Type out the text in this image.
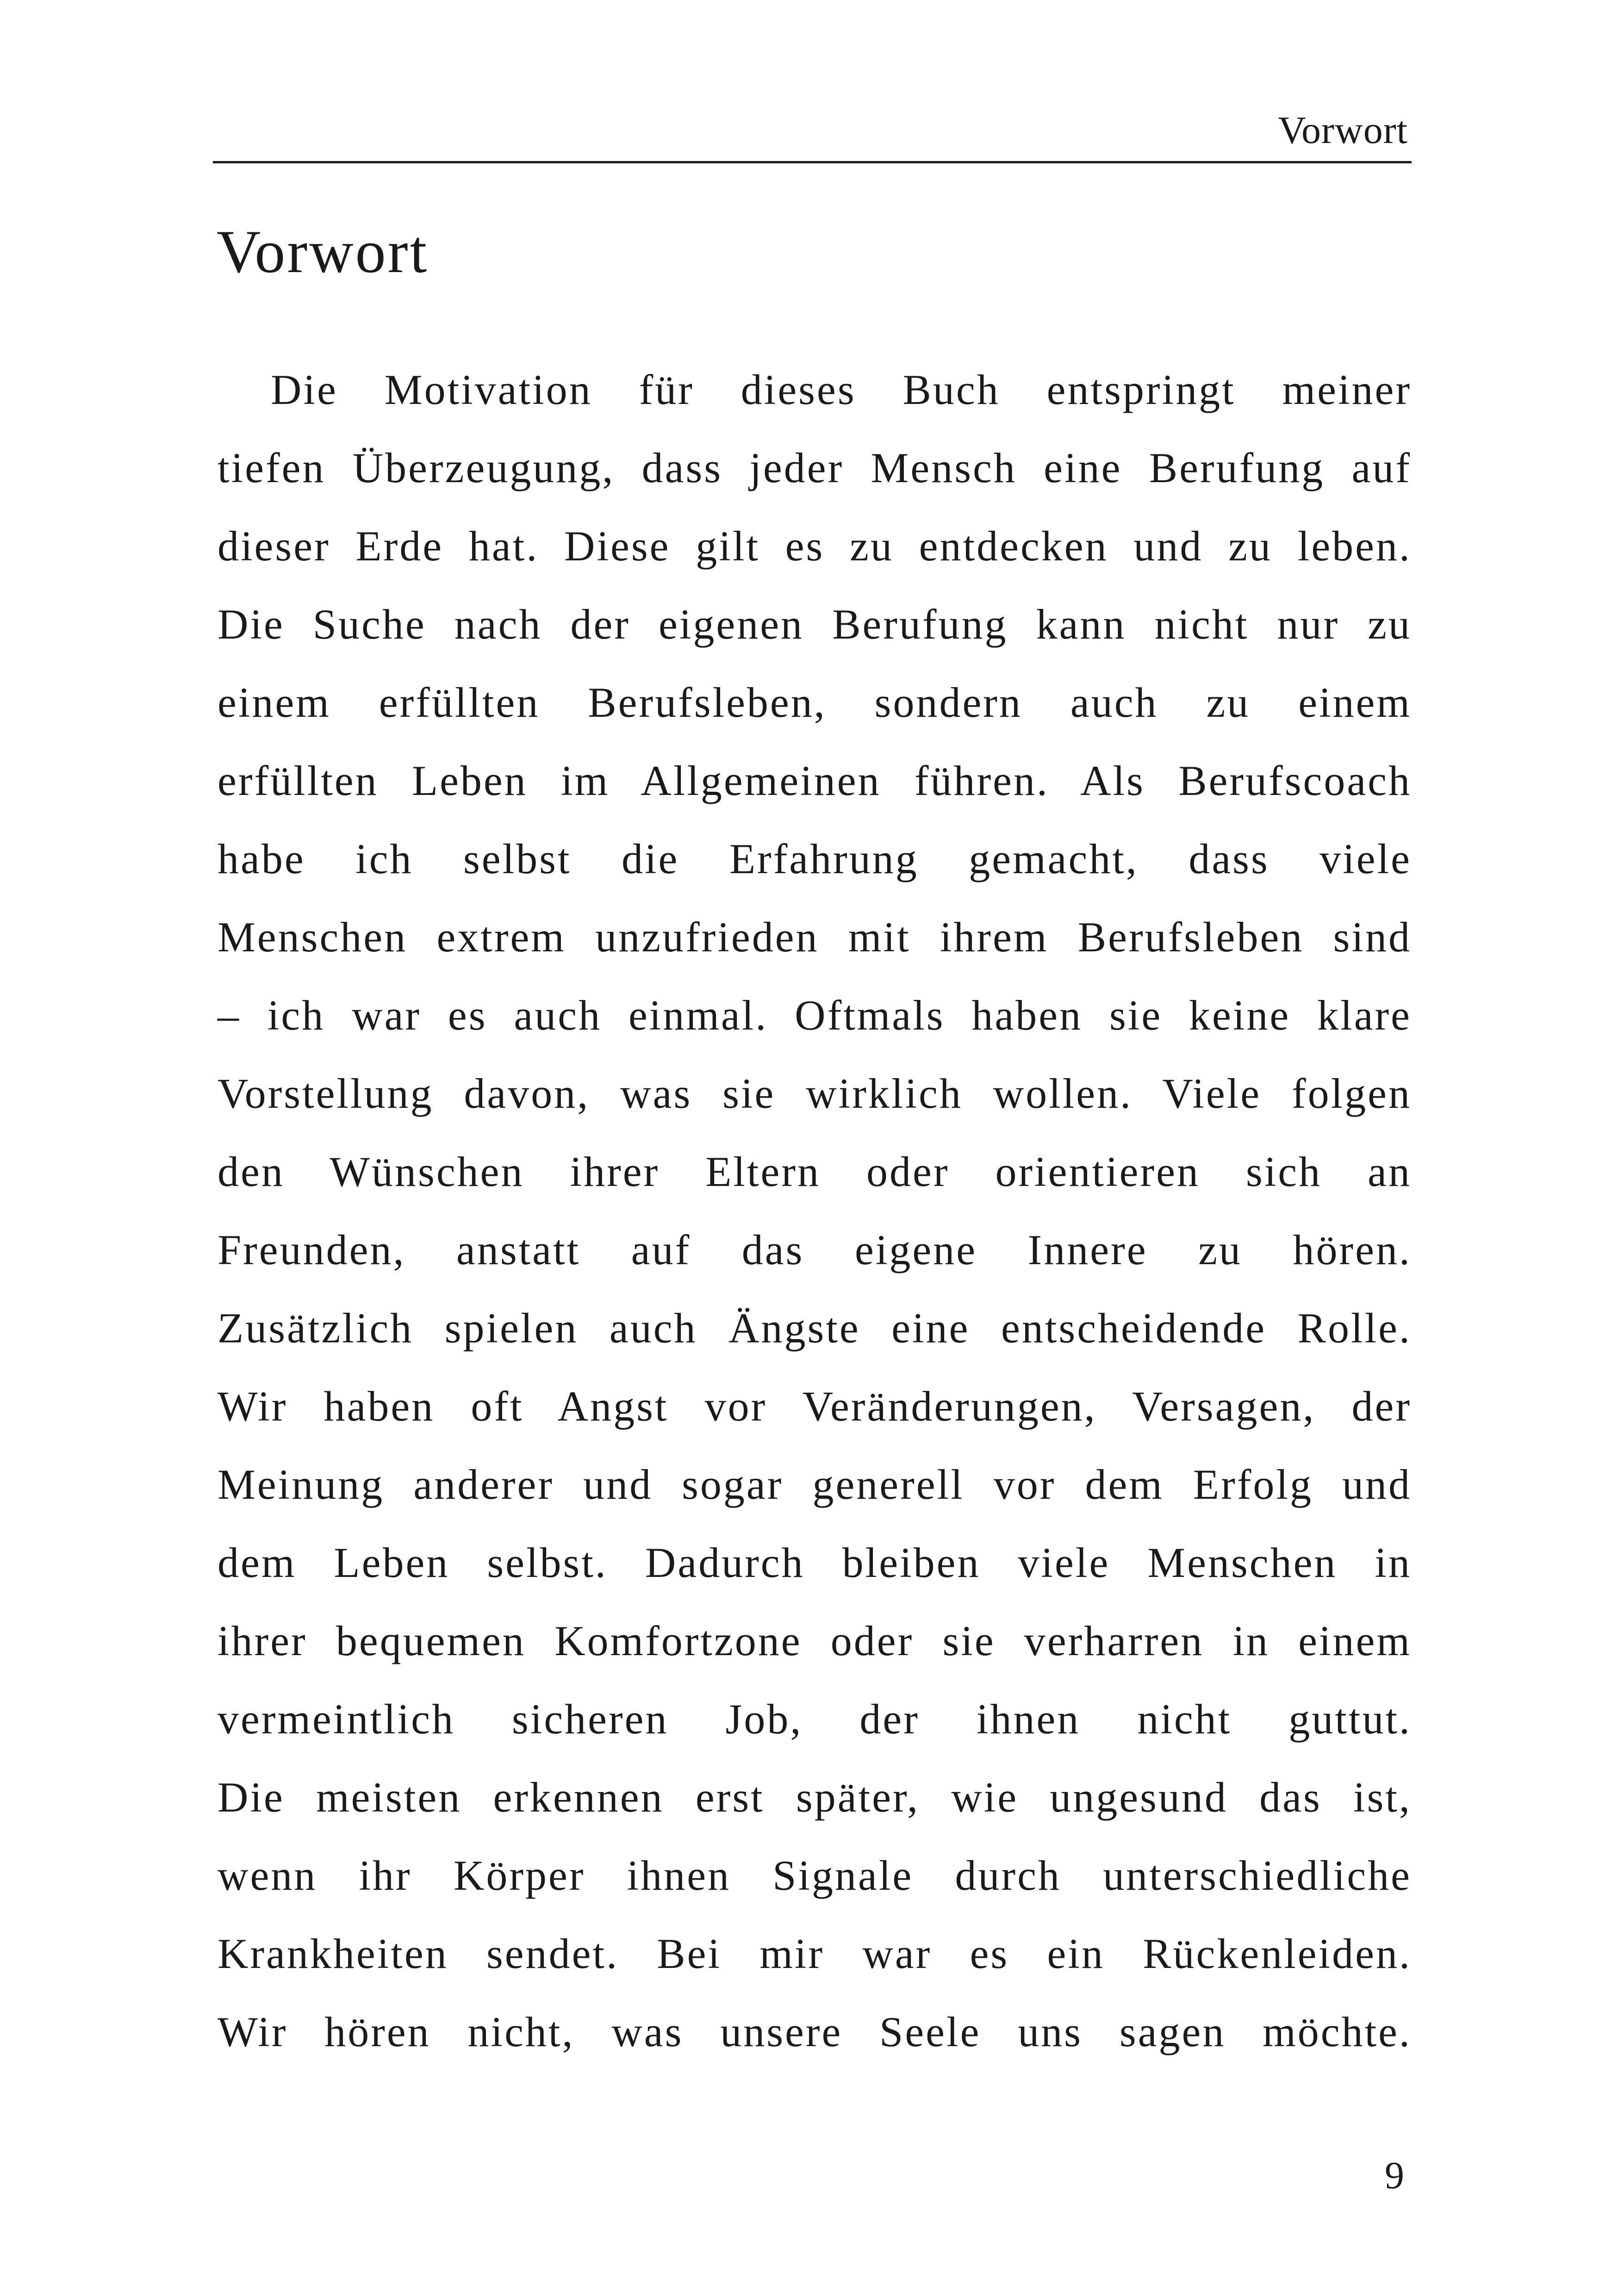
Vorwort
Vorwort
Die Motivation für dieses Buch entspringt meiner
tiefen Überzeugung, dass jeder Mensch eine Berufung auf
dieser Erde hat. Diese gilt es zu entdecken und zu leben.
Die Suche nach der eigenen Berufung kann nicht nur zu
einem erfüllten Berufsleben, sondern auch zu einem
erfüllten Leben im Allgemeinen führen. Als Berufscoach
habe ich selbst die Erfahrung gemacht, dass viele
Menschen extrem unzufrieden mit ihrem Berufsleben sind
– ich war es auch einmal. Oftmals haben sie keine klare
Vorstellung davon, was sie wirklich wollen. Viele folgen
den Wünschen ihrer Eltern oder orientieren sich an
Freunden, anstatt auf das eigene Innere zu hören.
Zusätzlich spielen auch Ängste eine entscheidende Rolle.
Wir haben oft Angst vor Veränderungen, Versagen, der
Meinung anderer und sogar generell vor dem Erfolg und
dem Leben selbst. Dadurch bleiben viele Menschen in
ihrer bequemen Komfortzone oder sie verharren in einem
vermeintlich sicheren Job, der ihnen nicht guttut.
Die meisten erkennen erst später, wie ungesund das ist,
wenn ihr Körper ihnen Signale durch unterschiedliche
Krankheiten sendet. Bei mir war es ein Rückenleiden.
Wir hören nicht, was unsere Seele uns sagen möchte.
9
